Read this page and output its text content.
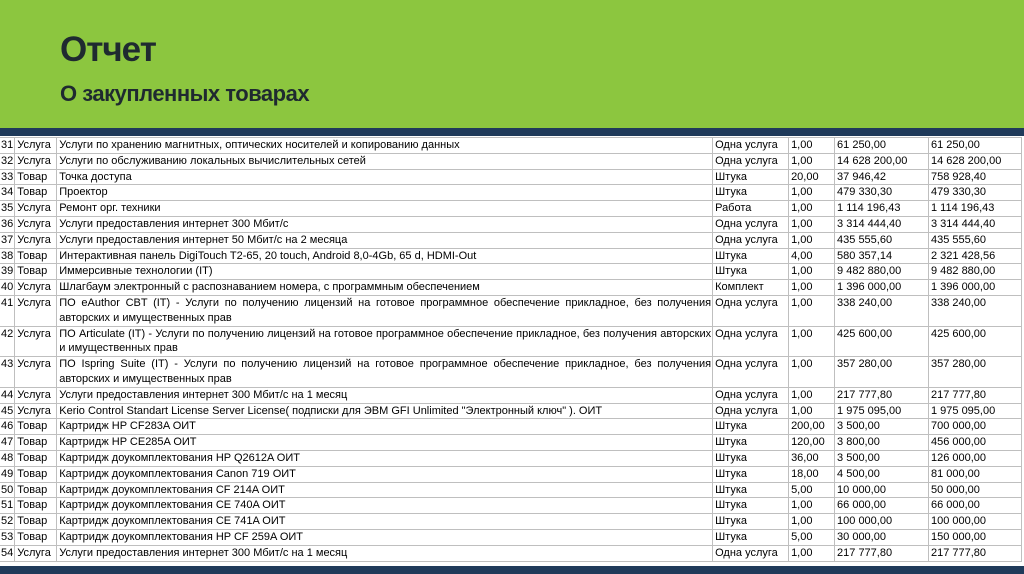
Отчет
О закупленных товарах
31	Услуга	Услуги по хранению магнитных, оптических носителей и копированию данных	Одна услуга	1,00	61 250,00	61 250,00
32	Услуга	Услуги по обслуживанию локальных вычислительных сетей	Одна услуга	1,00	14 628 200,00	14 628 200,00
33	Товар	Точка доступа	Штука	20,00	37 946,42	758 928,40
34	Товар	Проектор	Штука	1,00	479 330,30	479 330,30
35	Услуга	Ремонт орг. техники	Работа	1,00	1 114 196,43	1 114 196,43
36	Услуга	Услуги предоставления интернет 300 Мбит/с	Одна услуга	1,00	3 314 444,40	3 314 444,40
37	Услуга	Услуги предоставления интернет 50 Мбит/с на 2 месяца	Одна услуга	1,00	435 555,60	435 555,60
38	Товар	Интерактивная панель DigiTouch T2-65, 20 touch, Android 8,0-4Gb, 65 d, HDMI-Out	Штука	4,00	580 357,14	2 321 428,56
39	Товар	Иммерсивные технологии (IT)	Штука	1,00	9 482 880,00	9 482 880,00
40	Услуга	Шлагбаум электронный с распознаванием номера, с программным обеспечением	Комплект	1,00	1 396 000,00	1 396 000,00
41	Услуга	ПО eAuthor CBT (IT) - Услуги по получению лицензий на готовое программное обеспечение прикладное, без получения авторских и имущественных прав	Одна услуга	1,00	338 240,00	338 240,00
42	Услуга	ПО Articulate (IT) - Услуги по получению лицензий на готовое программное обеспечение прикладное, без получения авторских и имущественных прав	Одна услуга	1,00	425 600,00	425 600,00
43	Услуга	ПО Ispring Suite (IT) - Услуги по получению лицензий на готовое программное обеспечение прикладное, без получения авторских и имущественных прав	Одна услуга	1,00	357 280,00	357 280,00
44	Услуга	Услуги предоставления интернет 300 Мбит/с на 1 месяц	Одна услуга	1,00	217 777,80	217 777,80
45	Услуга	Kerio Control Standart License Server License( подписки для ЭВМ GFI Unlimited "Электронный ключ" ). ОИТ	Одна услуга	1,00	1 975 095,00	1 975 095,00
46	Товар	Картридж HP CF283A ОИТ	Штука	200,00	3 500,00	700 000,00
47	Товар	Картридж HP CE285A ОИТ	Штука	120,00	3 800,00	456 000,00
48	Товар	Картридж доукомплектования HP Q2612A ОИТ	Штука	36,00	3 500,00	126 000,00
49	Товар	Картридж доукомплектования Canon 719 ОИТ	Штука	18,00	4 500,00	81 000,00
50	Товар	Картридж доукомплектования CF 214A ОИТ	Штука	5,00	10 000,00	50 000,00
51	Товар	Картридж доукомплектования CE 740A ОИТ	Штука	1,00	66 000,00	66 000,00
52	Товар	Картридж доукомплектования CE 741A ОИТ	Штука	1,00	100 000,00	100 000,00
53	Товар	Картридж доукомплектования HP CF 259A ОИТ	Штука	5,00	30 000,00	150 000,00
54	Услуга	Услуги предоставления интернет 300 Мбит/с на 1 месяц	Одна услуга	1,00	217 777,80	217 777,80
